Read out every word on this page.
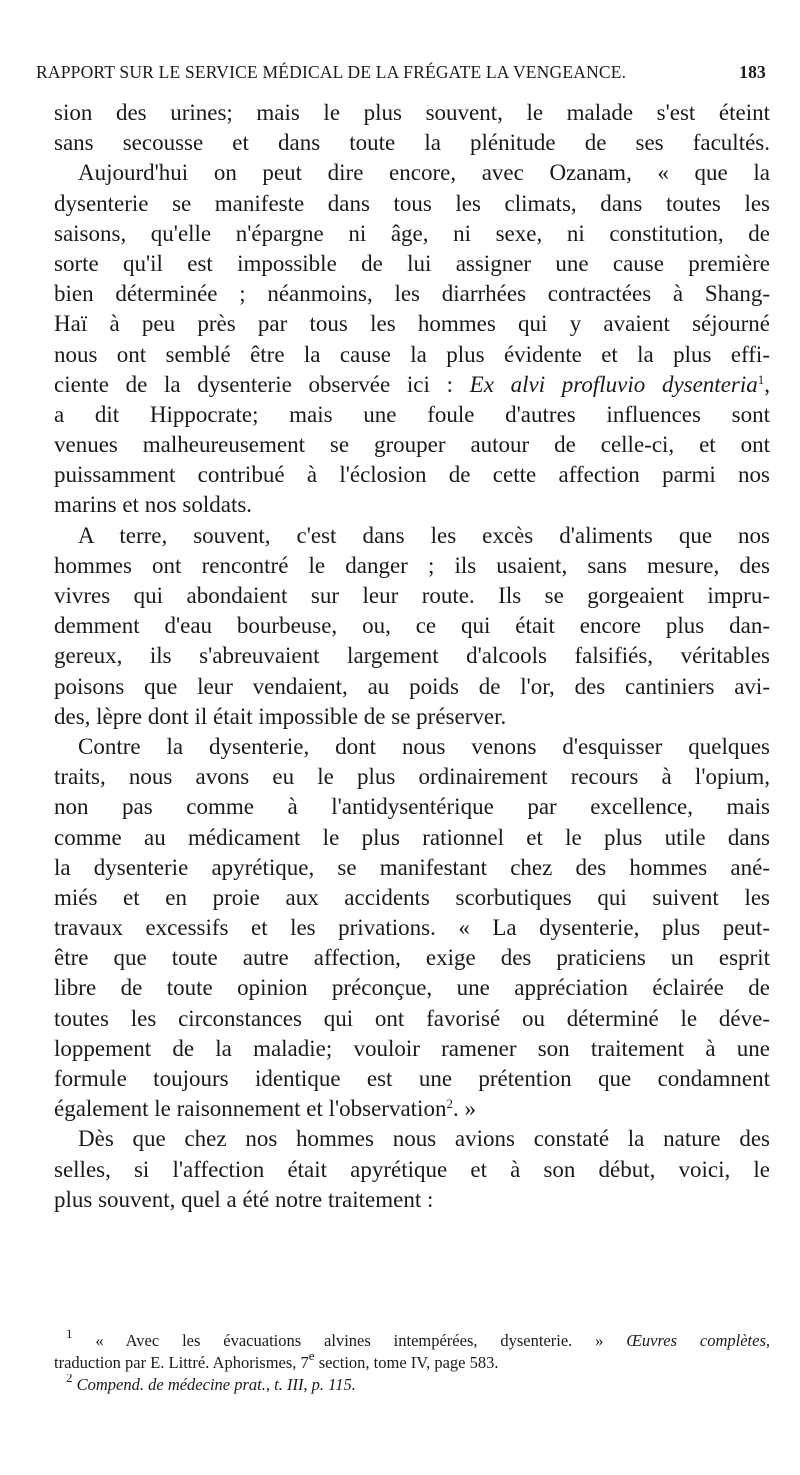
RAPPORT SUR LE SERVICE MÉDICAL DE LA FRÉGATE LA VENGEANCE.	183
sion des urines; mais le plus souvent, le malade s'est éteint
sans secousse et dans toute la plénitude de ses facultés.
Aujourd'hui on peut dire encore, avec Ozanam, « que la
dysenterie se manifeste dans tous les climats, dans toutes les
saisons, qu'elle n'épargne ni âge, ni sexe, ni constitution, de
sorte qu'il est impossible de lui assigner une cause première
bien déterminée ; néanmoins, les diarrhées contractées à Shang-
Haï à peu près par tous les hommes qui y avaient séjourné
nous ont semblé être la cause la plus évidente et la plus effi-
ciente de la dysenterie observée ici : Ex alvi profluvio dysenteria$^1$,
a dit Hippocrate; mais une foule d'autres influences sont
venues malheureusement se grouper autour de celle-ci, et ont
puissamment contribué à l'éclosion de cette affection parmi nos
marins et nos soldats.
A terre, souvent, c'est dans les excès d'aliments que nos
hommes ont rencontré le danger ; ils usaient, sans mesure, des
vivres qui abondaient sur leur route. Ils se gorgeaient impru-
demment d'eau bourbeuse, ou, ce qui était encore plus dan-
gereux, ils s'abreuvaient largement d'alcools falsifiés, véritables
poisons que leur vendaient, au poids de l'or, des cantiniers avi-
des, lèpre dont il était impossible de se préserver.
Contre la dysenterie, dont nous venons d'esquisser quelques
traits, nous avons eu le plus ordinairement recours à l'opium,
non pas comme à l'antidysentérique par excellence, mais
comme au médicament le plus rationnel et le plus utile dans
la dysenterie apyrétique, se manifestant chez des hommes ané-
miés et en proie aux accidents scorbutiques qui suivent les
travaux excessifs et les privations. « La dysenterie, plus peut-
être que toute autre affection, exige des praticiens un esprit
libre de toute opinion préconçue, une appréciation éclairée de
toutes les circonstances qui ont favorisé ou déterminé le déve-
loppement de la maladie; vouloir ramener son traitement à une
formule toujours identique est une prétention que condamnent
également le raisonnement et l'observation$^2$. »
Dès que chez nos hommes nous avions constaté la nature des
selles, si l'affection était apyrétique et à son début, voici, le
plus souvent, quel a été notre traitement :
$^1$ « Avec les évacuations alvines intempérées, dysenterie. » Œuvres complètes,
traduction par E. Littré. Aphorismes, 7e section, tome IV, page 583.
$^2$ Compend. de médecine prat., t. III, p. 115.
